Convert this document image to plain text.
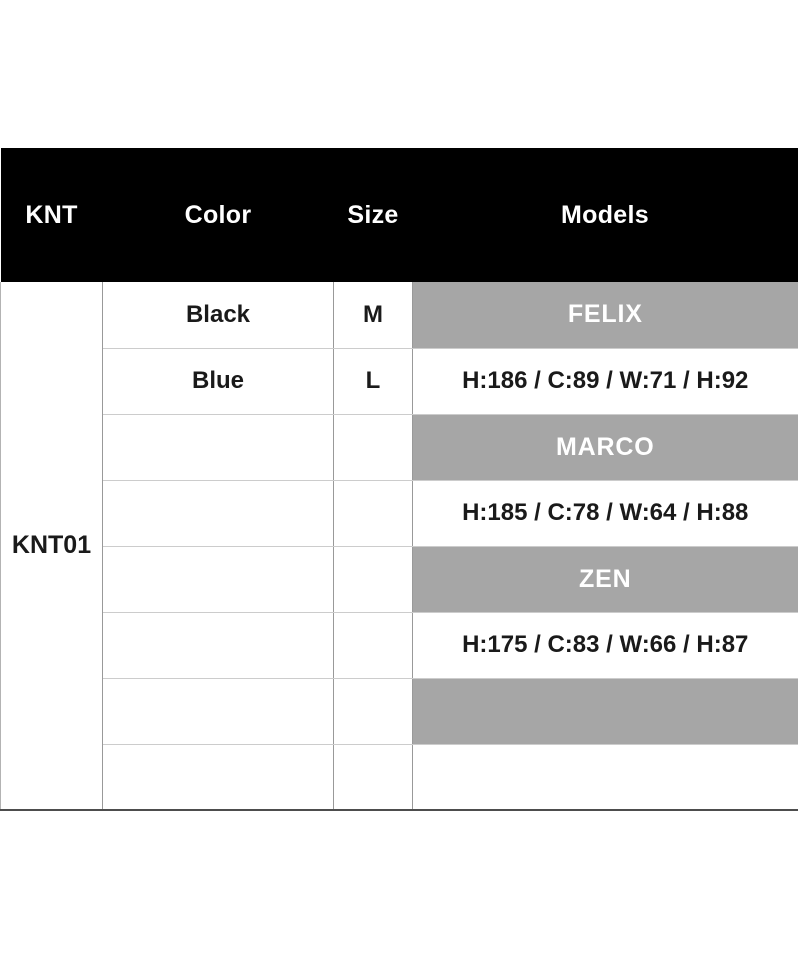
KNT	Color	Size	Models
KNT01	Black	M	FELIX
	Blue	L	H:186 / C:89 / W:71 / H:92
			MARCO
			H:185 / C:78 / W:64 / H:88
			ZEN
			H:175 / C:83 / W:66 / H:87
